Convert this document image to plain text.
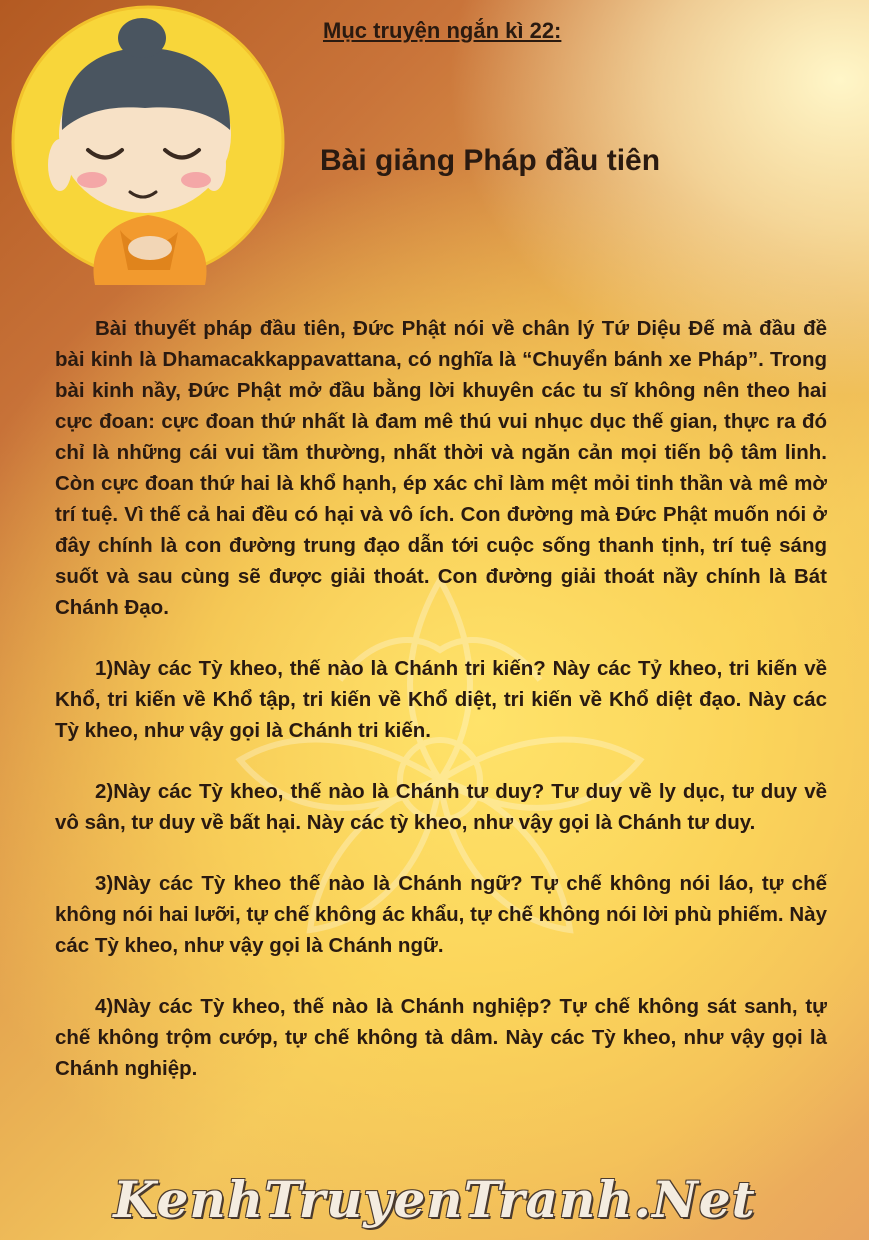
Mục truyện ngắn kì 22:
Bài giảng Pháp đầu tiên

Bài thuyết pháp đầu tiên, Đức Phật nói về chân lý Tứ Diệu Đế mà đầu đề bài kinh là Dhamacakkappavattana, có nghĩa là “Chuyển bánh xe Pháp”. Trong bài kinh nầy, Đức Phật mở đầu bằng lời khuyên các tu sĩ không nên theo hai cực đoan: cực đoan thứ nhất là đam mê thú vui nhục dục thế gian, thực ra đó chỉ là những cái vui tầm thường, nhất thời và ngăn cản mọi tiến bộ tâm linh. Còn cực đoan thứ hai là khổ hạnh, ép xác chỉ làm mệt mỏi tinh thần và mê mờ trí tuệ. Vì thế cả hai đều có hại và vô ích. Con đường mà Đức Phật muốn nói ở đây chính là con đường trung đạo dẫn tới cuộc sống thanh tịnh, trí tuệ sáng suốt và sau cùng sẽ được giải thoát. Con đường giải thoát nầy chính là Bát Chánh Đạo.

1)Này các Tỳ kheo, thế nào là Chánh tri kiến? Này các Tỷ kheo, tri kiến về Khổ, tri kiến về Khổ tập, tri kiến về Khổ diệt, tri kiến về Khổ diệt đạo. Này các Tỳ kheo, như vậy gọi là Chánh tri kiến.

2)Này các Tỳ kheo, thế nào là Chánh tư duy? Tư duy về ly dục, tư duy về vô sân, tư duy về bất hại. Này các tỳ kheo, như vậy gọi là Chánh tư duy.

3)Này các Tỳ kheo thế nào là Chánh ngữ? Tự chế không nói láo, tự chế không nói hai lưỡi, tự chế không ác khẩu, tự chế không nói lời phù phiếm. Này các Tỳ kheo, như vậy gọi là Chánh ngữ.

4)Này các Tỳ kheo, thế nào là Chánh nghiệp? Tự chế không sát sanh, tự chế không trộm cướp, tự chế không tà dâm. Này các Tỳ kheo, như vậy gọi là Chánh nghiệp.

KenhTruyenTranh.Net
